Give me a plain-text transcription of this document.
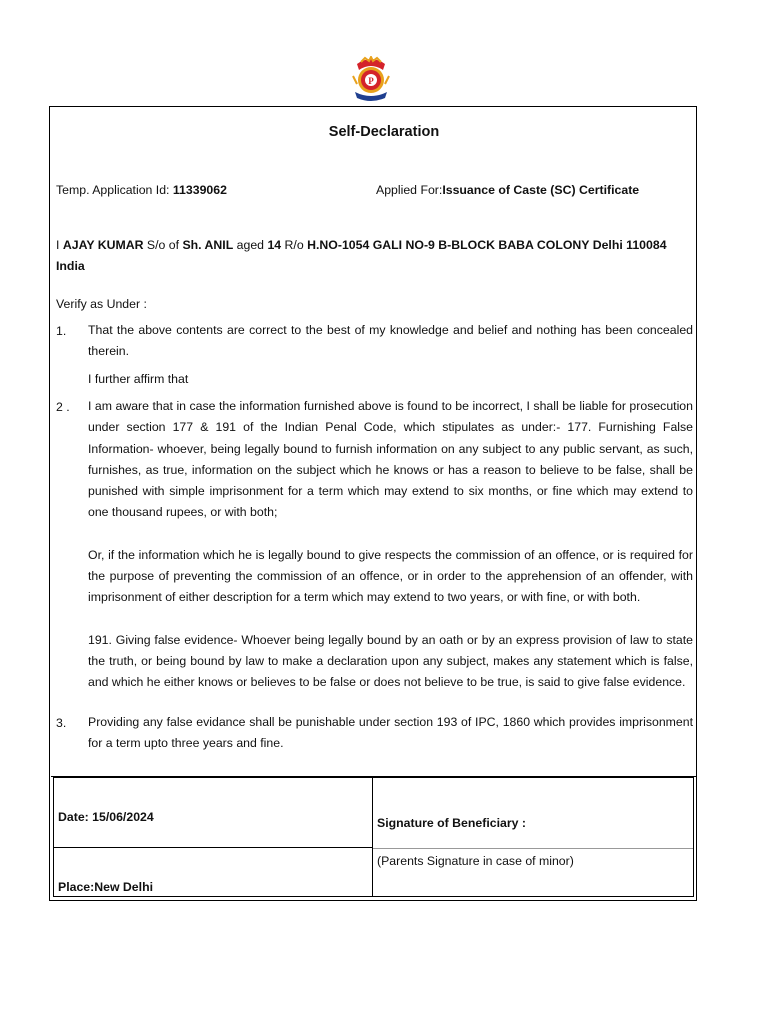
P
Self-Declaration
Temp. Application Id: 11339062	Applied For:Issuance of Caste (SC) Certificate
I AJAY KUMAR S/o of Sh. ANIL aged 14 R/o H.NO-1054 GALI NO-9 B-BLOCK BABA COLONY Delhi 110084
India
Verify as Under :
1. That the above contents are correct to the best of my knowledge and belief and nothing has been concealed therein.
I further affirm that
2 . I am aware that in case the information furnished above is found to be incorrect, I shall be liable for prosecution under section 177 & 191 of the Indian Penal Code, which stipulates as under:- 177. Furnishing False Information- whoever, being legally bound to furnish information on any subject to any public servant, as such, furnishes, as true, information on the subject which he knows or has a reason to believe to be false, shall be punished with simple imprisonment for a term which may extend to six months, or fine which may extend to one thousand rupees, or with both;

Or, if the information which he is legally bound to give respects the commission of an offence, or is required for the purpose of preventing the commission of an offence, or in order to the apprehension of an offender, with imprisonment of either description for a term which may extend to two years, or with fine, or with both.

191. Giving false evidence- Whoever being legally bound by an oath or by an express provision of law to state the truth, or being bound by law to make a declaration upon any subject, makes any statement which is false, and which he either knows or believes to be false or does not believe to be true, is said to give false evidence.

3. Providing any false evidance shall be punishable under section 193 of IPC, 1860 which provides imprisonment for a term upto three years and fine.
Date: 15/06/2024
Place:New Delhi
Signature of Beneficiary :
(Parents Signature in case of minor)
